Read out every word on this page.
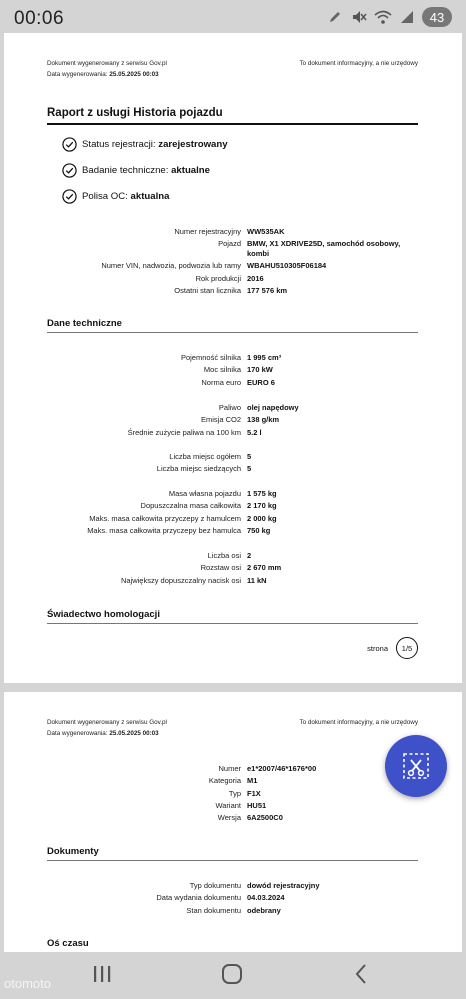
00:06	43
Dokument wygenerowany z serwisu Gov.pl
Data wygenerowania: 25.05.2025 00:03
To dokument informacyjny, a nie urzędowy
Raport z usługi Historia pojazdu
Status rejestracji: zarejestrowany
Badanie techniczne: aktualne
Polisa OC: aktualna
Numer rejestracyjny WW535AK
Pojazd BMW, X1 XDRIVE25D, samochód osobowy, kombi
Numer VIN, nadwozia, podwozia lub ramy WBAHU510305F06184
Rok produkcji 2016
Ostatni stan licznika 177 576 km
Dane techniczne
Pojemność silnika 1 995 cm³
Moc silnika 170 kW
Norma euro EURO 6
Paliwo olej napędowy
Emisja CO2 138 g/km
Średnie zużycie paliwa na 100 km 5.2 l
Liczba miejsc ogółem 5
Liczba miejsc siedzących 5
Masa własna pojazdu 1 575 kg
Dopuszczalna masa całkowita 2 170 kg
Maks. masa całkowita przyczepy z hamulcem 2 000 kg
Maks. masa całkowita przyczepy bez hamulca 750 kg
Liczba osi 2
Rozstaw osi 2 670 mm
Największy dopuszczalny nacisk osi 11 kN
Świadectwo homologacji
strona	1/5
Dokument wygenerowany z serwisu Gov.pl
Data wygenerowania: 25.05.2025 00:03
To dokument informacyjny, a nie urzędowy
Numer e1*2007/46*1676*00
Kategoria M1
Typ F1X
Wariant HU51
Wersja 6A2500C0
Dokumenty
Typ dokumentu dowód rejestracyjny
Data wydania dokumentu 04.03.2024
Stan dokumentu odebrany
Oś czasu
otomoto
